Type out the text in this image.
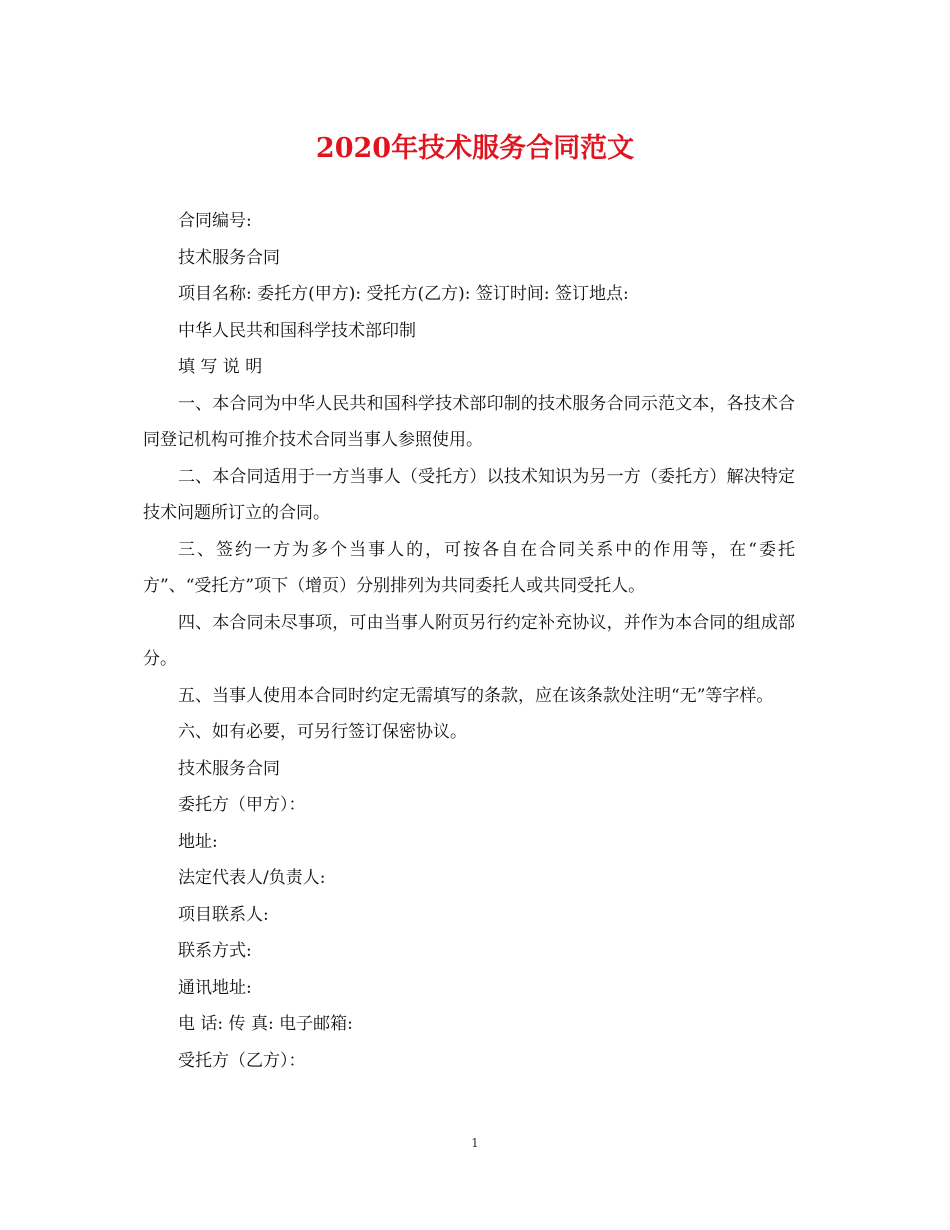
2020年技术服务合同范文

合同编号:

技术服务合同

项目名称: 委托方(甲方): 受托方(乙方): 签订时间: 签订地点:

中华人民共和国科学技术部印制

填 写 说 明

一、本合同为中华人民共和国科学技术部印制的技术服务合同示范文本，各技术合同登记机构可推介技术合同当事人参照使用。

二、本合同适用于一方当事人（受托方）以技术知识为另一方（委托方）解决特定技术问题所订立的合同。

三、签约一方为多个当事人的，可按各自在合同关系中的作用等，在“委托方”、“受托方”项下（增页）分别排列为共同委托人或共同受托人。

四、本合同未尽事项，可由当事人附页另行约定补充协议，并作为本合同的组成部分。

五、当事人使用本合同时约定无需填写的条款，应在该条款处注明“无”等字样。

六、如有必要，可另行签订保密协议。

技术服务合同

委托方（甲方）：

地址:

法定代表人/负责人:

项目联系人:

联系方式:

通讯地址:

电 话: 传 真: 电子邮箱:

受托方（乙方）：

1
